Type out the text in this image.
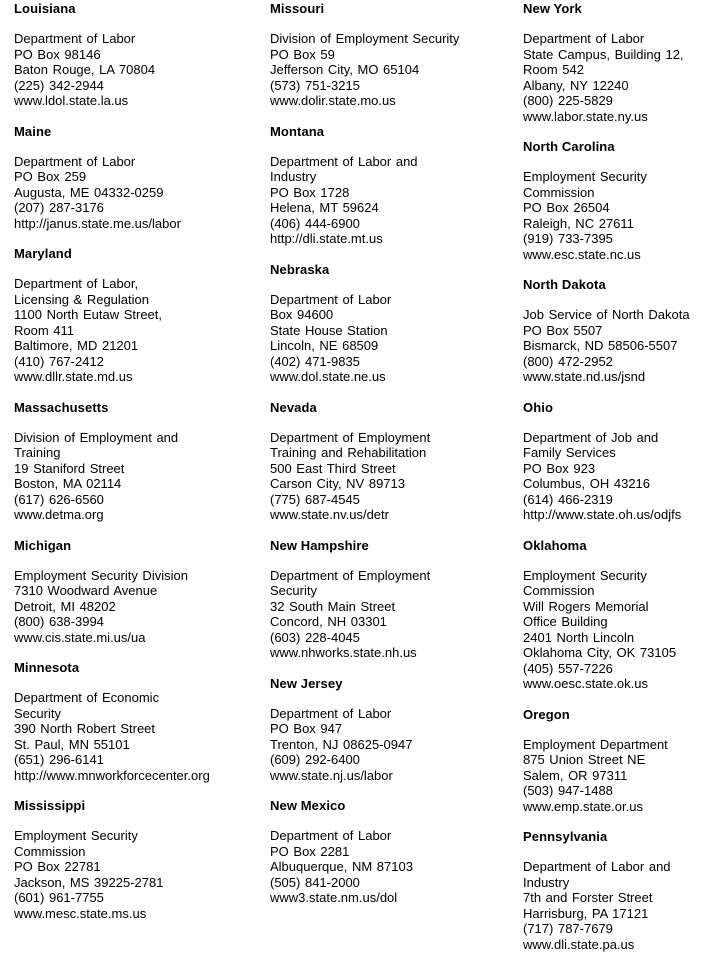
Louisiana
Department of Labor
PO Box 98146
Baton Rouge, LA 70804
(225) 342-2944
www.ldol.state.la.us
Maine
Department of Labor
PO Box 259
Augusta, ME 04332-0259
(207) 287-3176
http://janus.state.me.us/labor
Maryland
Department of Labor,
Licensing & Regulation
1100 North Eutaw Street,
Room 411
Baltimore, MD 21201
(410) 767-2412
www.dllr.state.md.us
Massachusetts
Division of Employment and
Training
19 Staniford Street
Boston, MA 02114
(617) 626-6560
www.detma.org
Michigan
Employment Security Division
7310 Woodward Avenue
Detroit, MI 48202
(800) 638-3994
www.cis.state.mi.us/ua
Minnesota
Department of Economic
Security
390 North Robert Street
St. Paul, MN 55101
(651) 296-6141
http://www.mnworkforcecenter.org
Mississippi
Employment Security
Commission
PO Box 22781
Jackson, MS 39225-2781
(601) 961-7755
www.mesc.state.ms.us
Missouri
Division of Employment Security
PO Box 59
Jefferson City, MO 65104
(573) 751-3215
www.dolir.state.mo.us
Montana
Department of Labor and
Industry
PO Box 1728
Helena, MT 59624
(406) 444-6900
http://dli.state.mt.us
Nebraska
Department of Labor
Box 94600
State House Station
Lincoln, NE 68509
(402) 471-9835
www.dol.state.ne.us
Nevada
Department of Employment
Training and Rehabilitation
500 East Third Street
Carson City, NV 89713
(775) 687-4545
www.state.nv.us/detr
New Hampshire
Department of Employment
Security
32 South Main Street
Concord, NH 03301
(603) 228-4045
www.nhworks.state.nh.us
New Jersey
Department of Labor
PO Box 947
Trenton, NJ 08625-0947
(609) 292-6400
www.state.nj.us/labor
New Mexico
Department of Labor
PO Box 2281
Albuquerque, NM 87103
(505) 841-2000
www3.state.nm.us/dol
New York
Department of Labor
State Campus, Building 12,
Room 542
Albany, NY 12240
(800) 225-5829
www.labor.state.ny.us
North Carolina
Employment Security
Commission
PO Box 26504
Raleigh, NC 27611
(919) 733-7395
www.esc.state.nc.us
North Dakota
Job Service of North Dakota
PO Box 5507
Bismarck, ND 58506-5507
(800) 472-2952
www.state.nd.us/jsnd
Ohio
Department of Job and
Family Services
PO Box 923
Columbus, OH 43216
(614) 466-2319
http://www.state.oh.us/odjfs
Oklahoma
Employment Security
Commission
Will Rogers Memorial
Office Building
2401 North Lincoln
Oklahoma City, OK 73105
(405) 557-7226
www.oesc.state.ok.us
Oregon
Employment Department
875 Union Street NE
Salem, OR 97311
(503) 947-1488
www.emp.state.or.us
Pennsylvania
Department of Labor and
Industry
7th and Forster Street
Harrisburg, PA 17121
(717) 787-7679
www.dli.state.pa.us
